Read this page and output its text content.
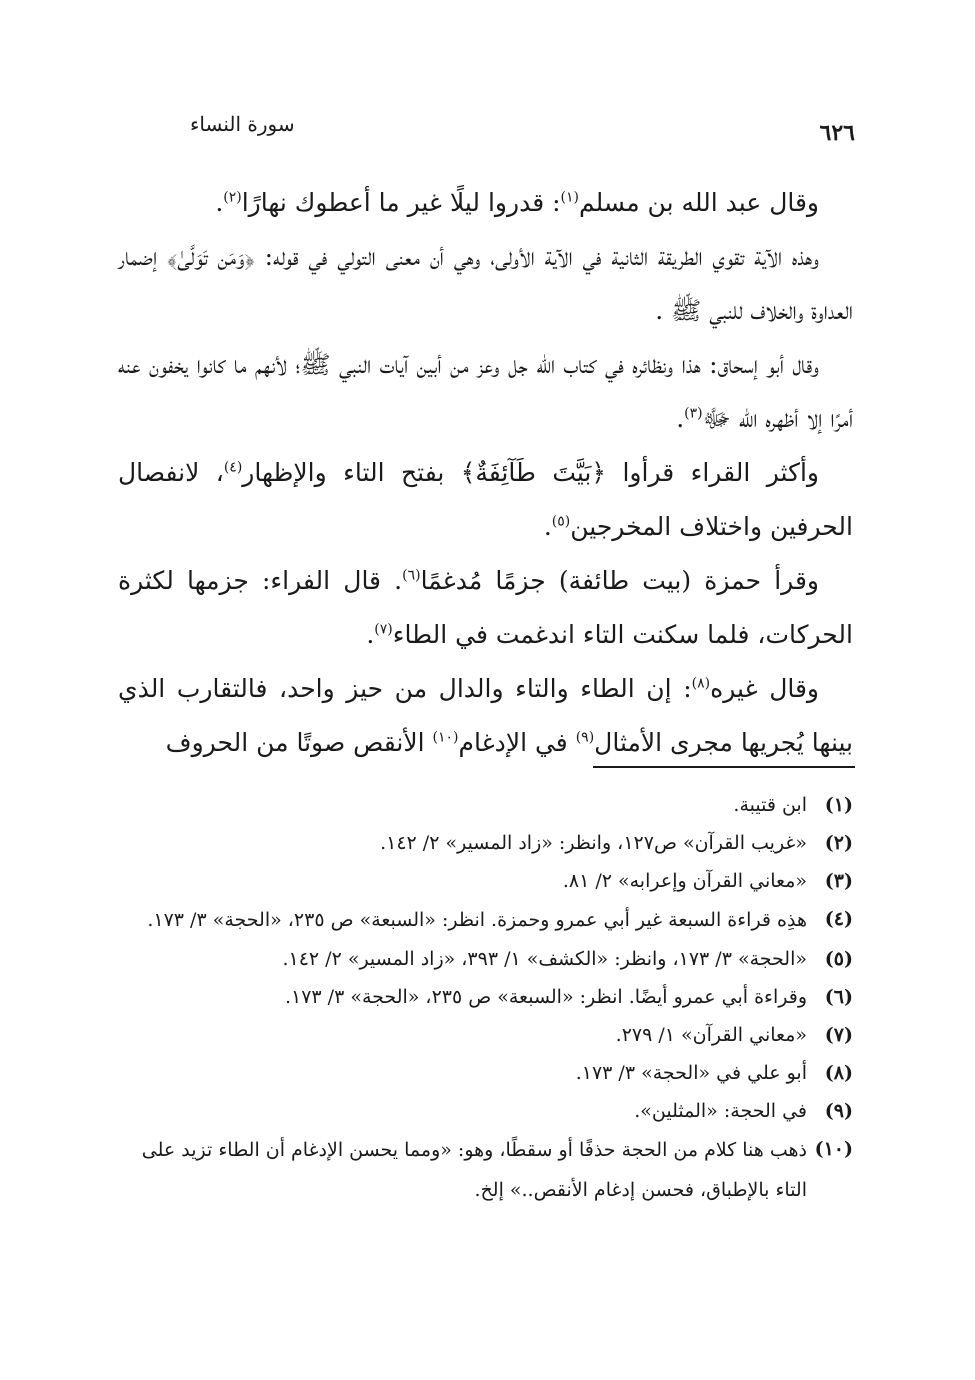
٦٢٦
سورة النساء

وقال عبد الله بن مسلم$^{(١)}$: قدروا ليلًا غير ما أعطوك نهارًا$^{(٢)}$.

وهذه الآية تقوي الطريقة الثانية في الآية الأولى، وهي أن معنى التولي في قوله: ﴿وَمَن تَوَلَّىٰ﴾ إضمار العداوة والخلاف للنبي ﷺ .

وقال أبو إسحاق: هذا ونظائره في كتاب الله جل وعز من أبين آيات النبي ﷺ؛ لأنهم ما كانوا يخفون عنه أمرًا إلا أظهره الله ﷻ$^{(٣)}$.

وأكثر القراء قرأوا ﴿بَيَّتَ طَآئِفَةٌ﴾ بفتح التاء والإظهار$^{(٤)}$، لانفصال الحرفين واختلاف المخرجين$^{(٥)}$.

وقرأ حمزة (بيت طائفة) جزمًا مُدغمًا$^{(٦)}$. قال الفراء: جزمها لكثرة الحركات، فلما سكنت التاء اندغمت في الطاء$^{(٧)}$.

وقال غيره$^{(٨)}$: إن الطاء والتاء والدال من حيز واحد، فالتقارب الذي بينها يُجريها مجرى الأمثال$^{(٩)}$ في الإدغام$^{(١٠)}$ الأنقص صوتًا من الحروف

(١)
ابن قتيبة.
(٢)
«غريب القرآن» ص١٢٧، وانظر: «زاد المسير» ٢/ ١٤٢.
(٣)
«معاني القرآن وإعرابه» ٢/ ٨١.
(٤)
هذِه قراءة السبعة غير أبي عمرو وحمزة. انظر: «السبعة» ص ٢٣٥، «الحجة» ٣/ ١٧٣.
(٥)
«الحجة» ٣/ ١٧٣، وانظر: «الكشف» ١/ ٣٩٣، «زاد المسير» ٢/ ١٤٢.
(٦)
وقراءة أبي عمرو أيضًا. انظر: «السبعة» ص ٢٣٥، «الحجة» ٣/ ١٧٣.
(٧)
«معاني القرآن» ١/ ٢٧٩.
(٨)
أبو علي في «الحجة» ٣/ ١٧٣.
(٩)
في الحجة: «المثلين».
(١٠)
ذهب هنا كلام من الحجة حذفًا أو سقطًا، وهو: «ومما يحسن الإدغام أن الطاء تزيد على التاء بالإطباق، فحسن إدغام الأنقص..» إلخ.
